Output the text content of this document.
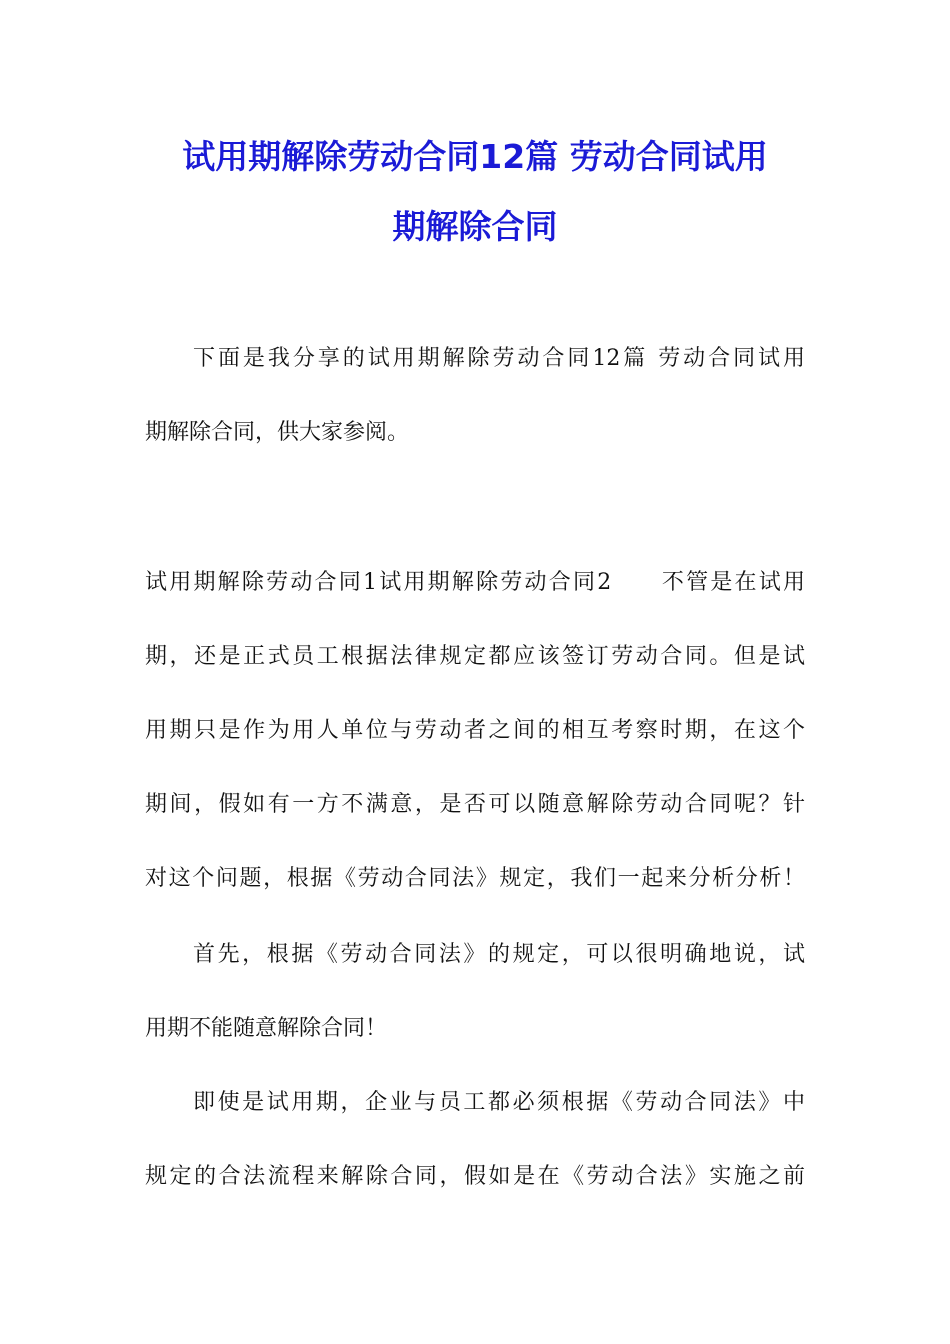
试用期解除劳动合同12篇 劳动合同试用
期解除合同

下面是我分享的试用期解除劳动合同12篇 劳动合同试用
期解除合同，供大家参阅。

试用期解除劳动合同1试用期解除劳动合同2　　不管是在试用
期，还是正式员工根据法律规定都应该签订劳动合同。但是试
用期只是作为用人单位与劳动者之间的相互考察时期，在这个
期间，假如有一方不满意，是否可以随意解除劳动合同呢？针
对这个问题，根据《劳动合同法》规定，我们一起来分析分析！

首先，根据《劳动合同法》的规定，可以很明确地说，试
用期不能随意解除合同！

即使是试用期，企业与员工都必须根据《劳动合同法》中
规定的合法流程来解除合同，假如是在《劳动合法》实施之前
